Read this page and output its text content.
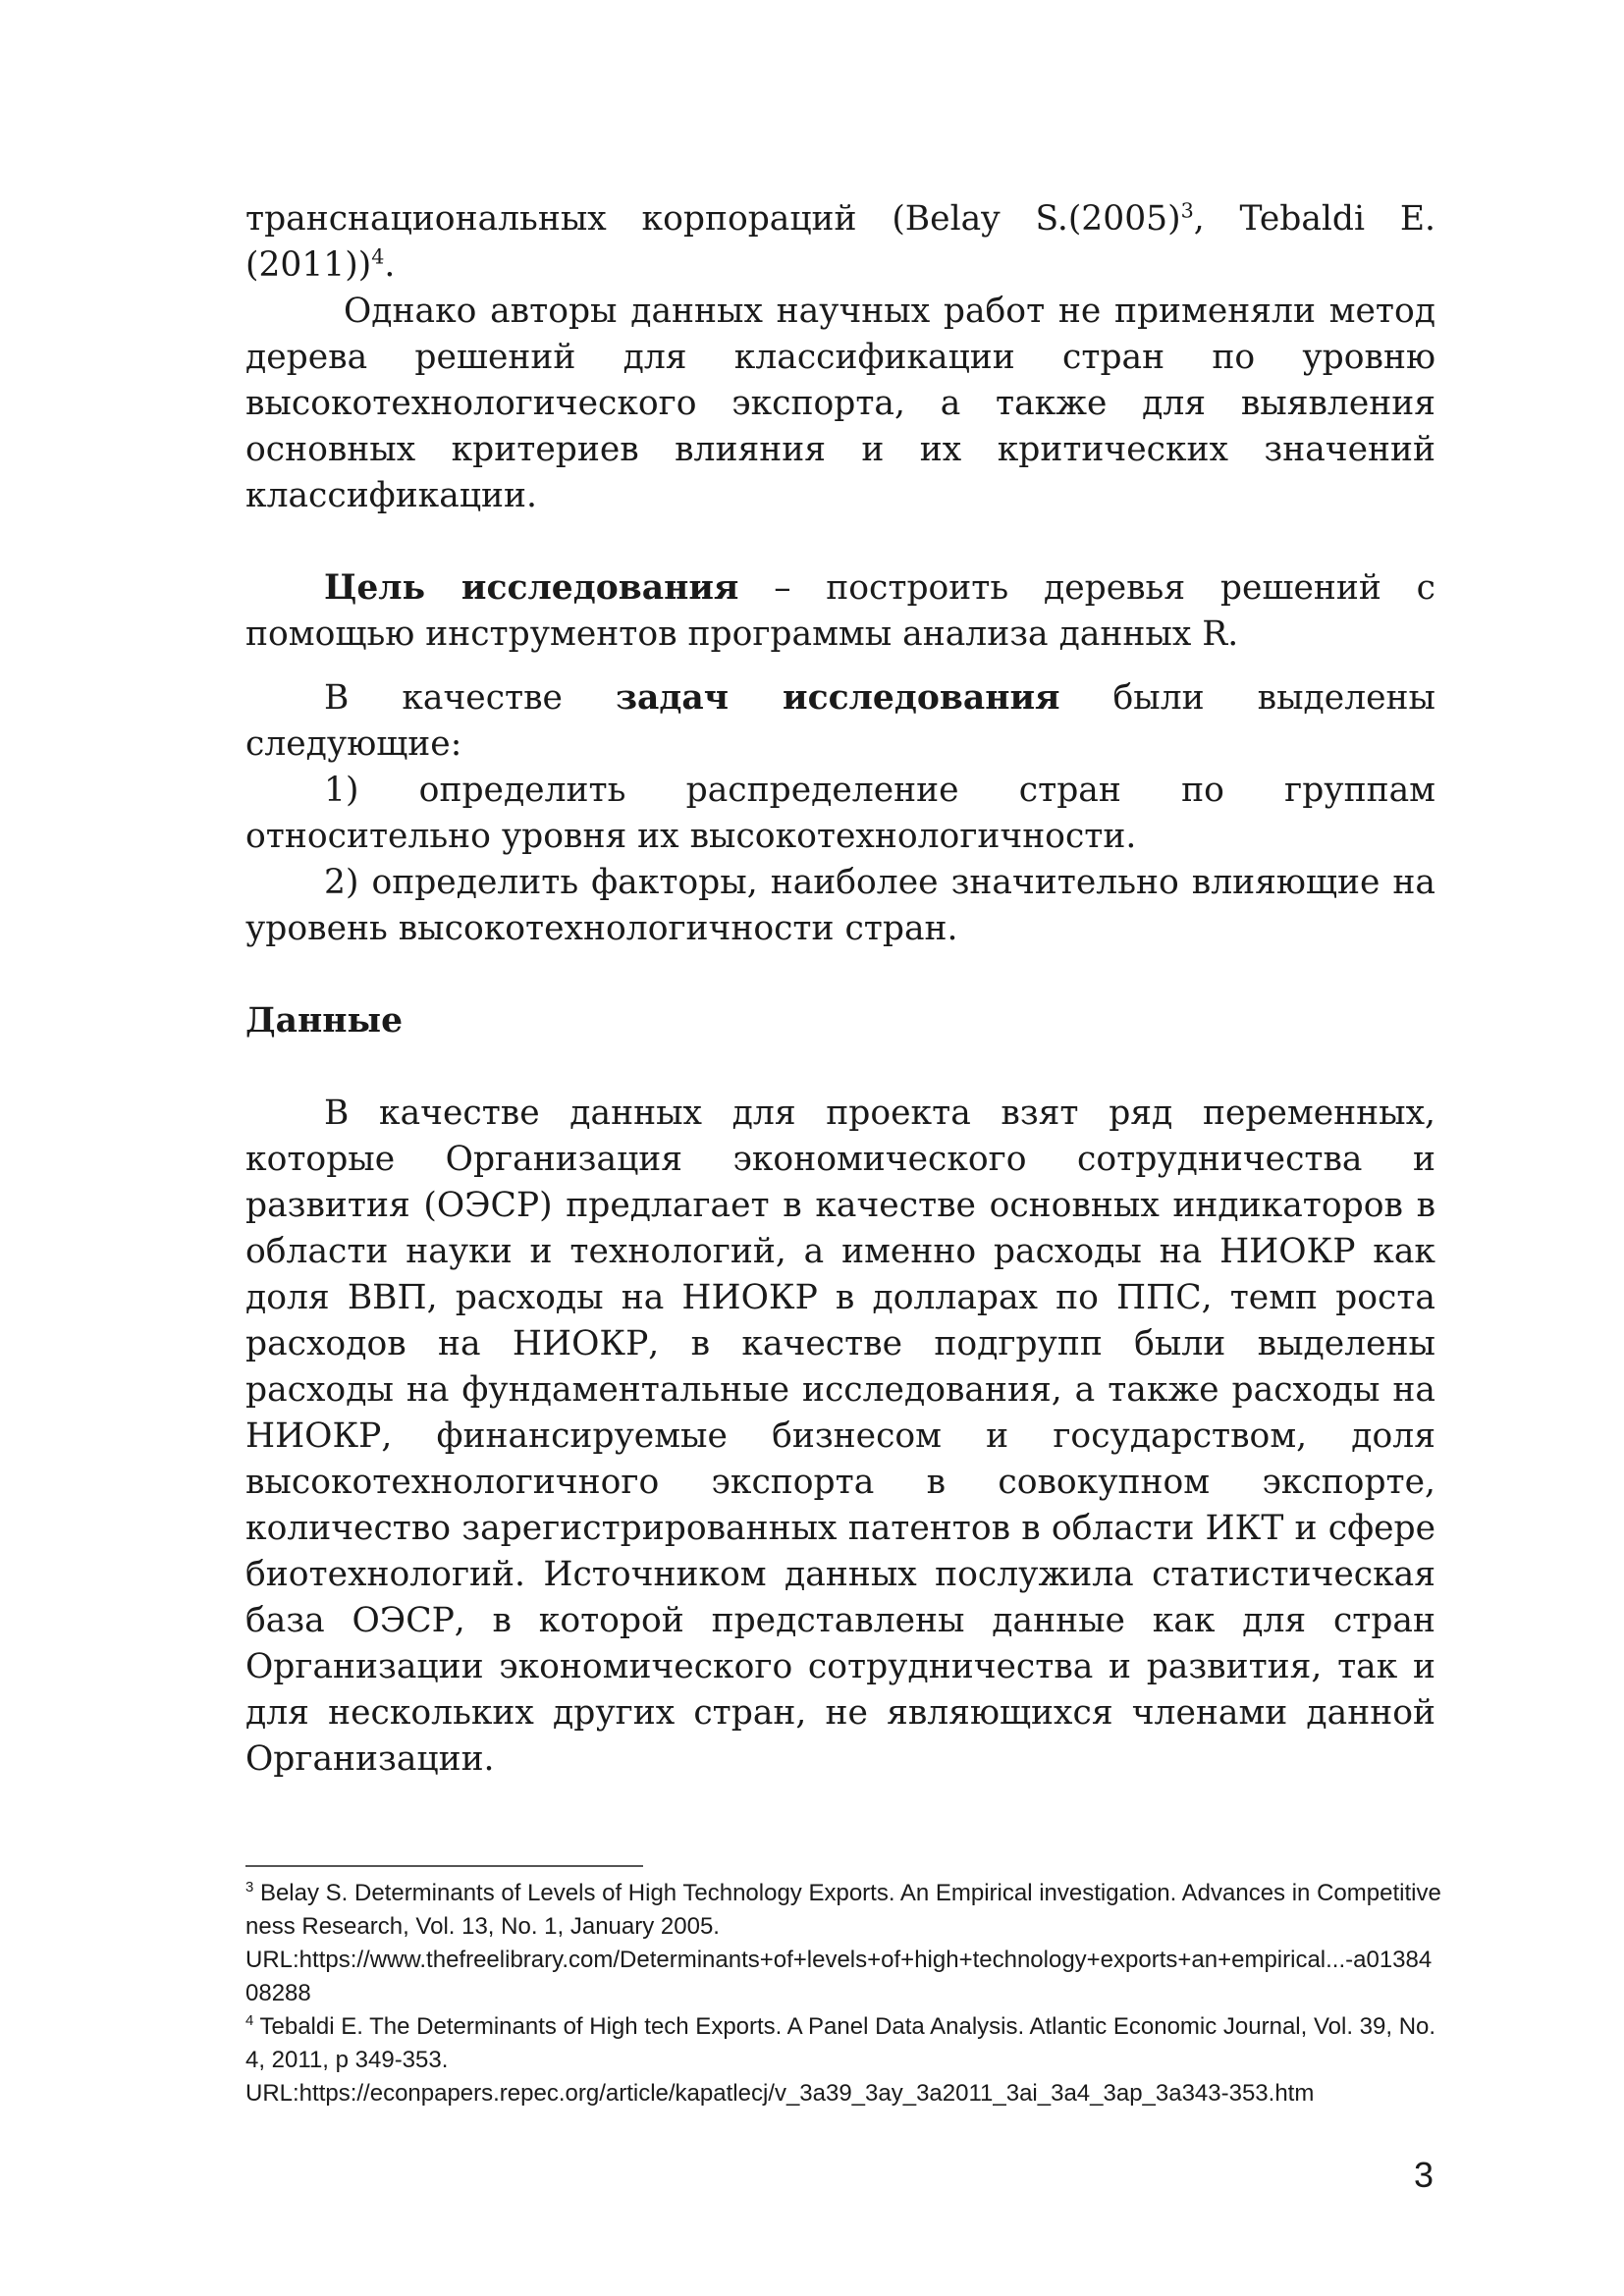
транснациональных корпораций (Belay $S.(2005)^3$, Tebaldi E.(2011))$^4$.

Однако авторы данных научных работ не применяли метод дерева решений для классификации стран по уровню высокотехнологического экспорта, а также для выявления основных критериев влияния и их критических значений классификации.

Цель исследования – построить деревья решений с помощью инструментов программы анализа данных R.

В качестве задач исследования были выделены следующие:

1) определить распределение стран по группам относительно уровня их высокотехнологичности.

2) определить факторы, наиболее значительно влияющие на уровень высокотехнологичности стран.

Данные

В качестве данных для проекта взят ряд переменных, которые Организация экономического сотрудничества и развития (ОЭСР) предлагает в качестве основных индикаторов в области науки и технологий, а именно расходы на НИОКР как доля ВВП, расходы на НИОКР в долларах по ППС, темп роста расходов на НИОКР, в качестве подгрупп были выделены расходы на фундаментальные исследования, а также расходы на НИОКР, финансируемые бизнесом и государством, доля высокотехнологичного экспорта в совокупном экспорте, количество зарегистрированных патентов в области ИКТ и сфере биотехнологий. Источником данных послужила статистическая база ОЭСР, в которой представлены данные как для стран Организации экономического сотрудничества и развития, так и для нескольких других стран, не являющихся членами данной Организации.

$^3$ Belay S. Determinants of Levels of High Technology Exports. An Empirical investigation. Advances in Competitiveness Research, Vol. 13, No. 1, January 2005.

URL:https://www.thefreelibrary.com/Determinants+of+levels+of+high+technology+exports+an+empirical...-a0138408288

$^4$ Tebaldi E. The Determinants of High tech Exports. A Panel Data Analysis. Atlantic Economic Journal, Vol. 39, No. 4, 2011, p 349-353.

URL:https://econpapers.repec.org/article/kapatlecj/v_3a39_3ay_3a2011_3ai_3a4_3ap_3a343-353.htm

3
